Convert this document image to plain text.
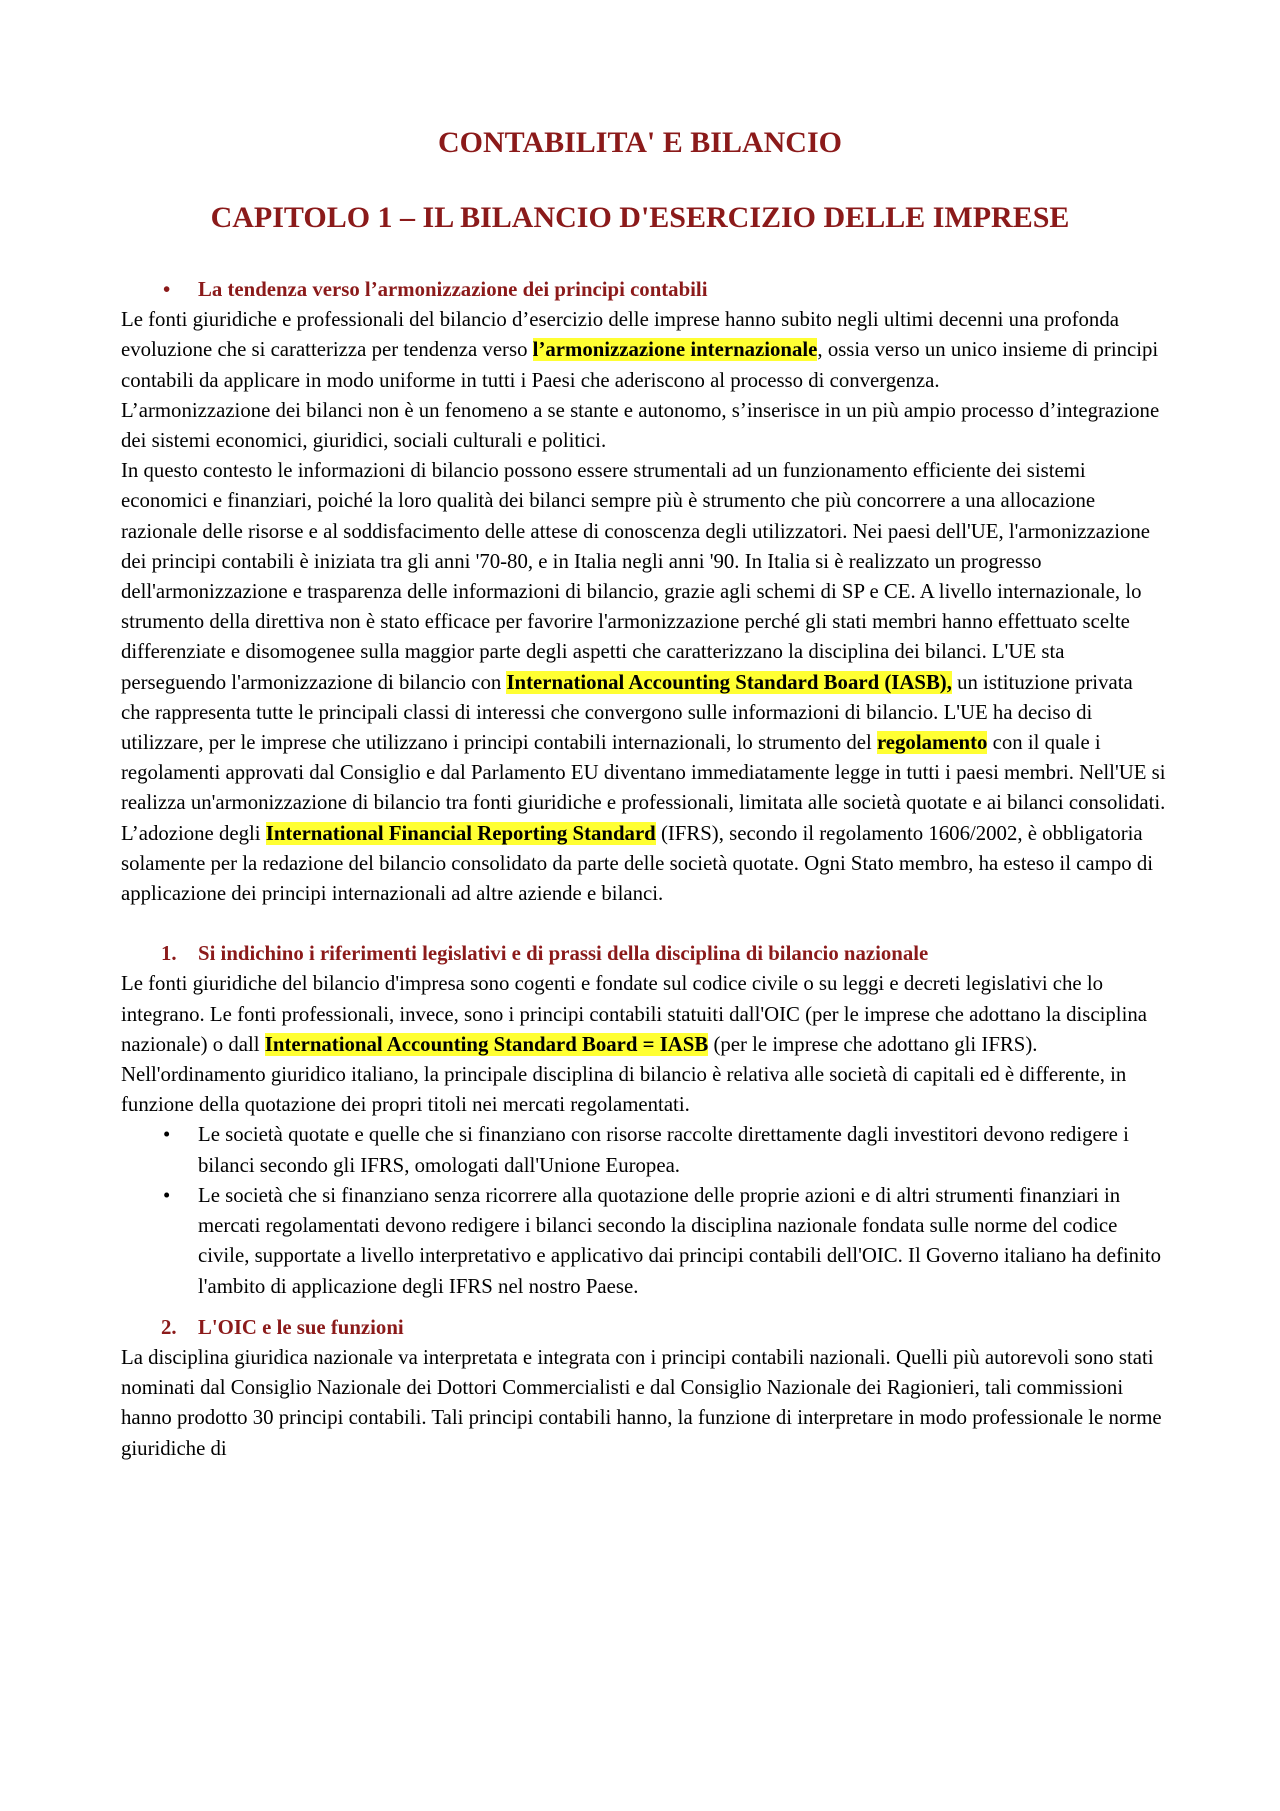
CONTABILITA' E BILANCIO
CAPITOLO 1 – IL BILANCIO D'ESERCIZIO DELLE IMPRESE
• La tendenza verso l’armonizzazione dei principi contabili

Le fonti giuridiche e professionali del bilancio d’esercizio delle imprese hanno subito negli ultimi decenni una profonda evoluzione che si caratterizza per tendenza verso l’armonizzazione internazionale, ossia verso un unico insieme di principi contabili da applicare in modo uniforme in tutti i Paesi che aderiscono al processo di convergenza.

L’armonizzazione dei bilanci non è un fenomeno a se stante e autonomo, s’inserisce in un più ampio processo d’integrazione dei sistemi economici, giuridici, sociali culturali e politici.

In questo contesto le informazioni di bilancio possono essere strumentali ad un funzionamento efficiente dei sistemi economici e finanziari, poiché la loro qualità dei bilanci sempre più è strumento che più concorrere a una allocazione razionale delle risorse e al soddisfacimento delle attese di conoscenza degli utilizzatori. Nei paesi dell'UE, l'armonizzazione dei principi contabili è iniziata tra gli anni '70-80, e in Italia negli anni '90. In Italia si è realizzato un progresso dell'armonizzazione e trasparenza delle informazioni di bilancio, grazie agli schemi di SP e CE. A livello internazionale, lo strumento della direttiva non è stato efficace per favorire l'armonizzazione perché gli stati membri hanno effettuato scelte differenziate e disomogenee sulla maggior parte degli aspetti che caratterizzano la disciplina dei bilanci. L'UE sta perseguendo l'armonizzazione di bilancio con International Accounting Standard Board (IASB), un istituzione privata che rappresenta tutte le principali classi di interessi che convergono sulle informazioni di bilancio. L'UE ha deciso di utilizzare, per le imprese che utilizzano i principi contabili internazionali, lo strumento del regolamento con il quale i regolamenti approvati dal Consiglio e dal Parlamento EU diventano immediatamente legge in tutti i paesi membri. Nell'UE si realizza un'armonizzazione di bilancio tra fonti giuridiche e professionali, limitata alle società quotate e ai bilanci consolidati.

L’adozione degli International Financial Reporting Standard (IFRS), secondo il regolamento 1606/2002, è obbligatoria solamente per la redazione del bilancio consolidato da parte delle società quotate. Ogni Stato membro, ha esteso il campo di applicazione dei principi internazionali ad altre aziende e bilanci.

1. Si indichino i riferimenti legislativi e di prassi della disciplina di bilancio nazionale

Le fonti giuridiche del bilancio d'impresa sono cogenti e fondate sul codice civile o su leggi e decreti legislativi che lo integrano. Le fonti professionali, invece, sono i principi contabili statuiti dall'OIC (per le imprese che adottano la disciplina nazionale) o dall International Accounting Standard Board = IASB (per le imprese che adottano gli IFRS). Nell'ordinamento giuridico italiano, la principale disciplina di bilancio è relativa alle società di capitali ed è differente, in funzione della quotazione dei propri titoli nei mercati regolamentati.

• Le società quotate e quelle che si finanziano con risorse raccolte direttamente dagli investitori devono redigere i bilanci secondo gli IFRS, omologati dall'Unione Europea.
• Le società che si finanziano senza ricorrere alla quotazione delle proprie azioni e di altri strumenti finanziari in mercati regolamentati devono redigere i bilanci secondo la disciplina nazionale fondata sulle norme del codice civile, supportate a livello interpretativo e applicativo dai principi contabili dell'OIC. Il Governo italiano ha definito l'ambito di applicazione degli IFRS nel nostro Paese.
2. L'OIC e le sue funzioni

La disciplina giuridica nazionale va interpretata e integrata con i principi contabili nazionali. Quelli più autorevoli sono stati nominati dal Consiglio Nazionale dei Dottori Commercialisti e dal Consiglio Nazionale dei Ragionieri, tali commissioni hanno prodotto 30 principi contabili. Tali principi contabili hanno, la funzione di interpretare in modo professionale le norme giuridiche di
